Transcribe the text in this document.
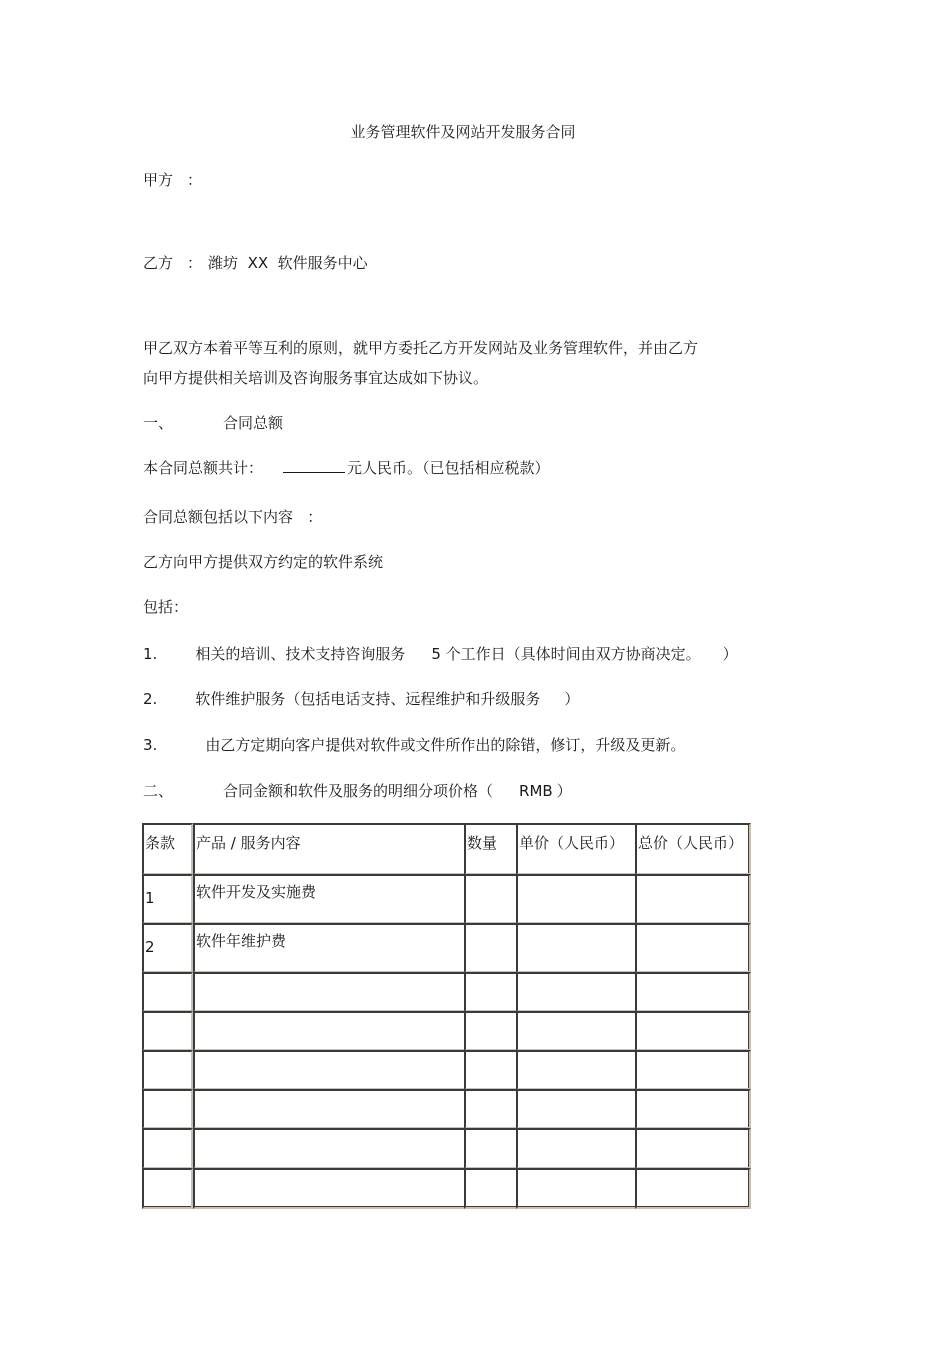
业务管理软件及网站开发服务合同
甲方 ：
乙方 ： 潍坊  XX  软件服务中心
甲乙双方本着平等互利的原则，就甲方委托乙方开发网站及业务管理软件，并由乙方
向甲方提供相关培训及咨询服务事宜达成如下协议。
一、	合同总额
本合同总额共计：	元人民币。（已包括相应税款）
合同总额包括以下内容   ：
乙方向甲方提供双方约定的软件系统
包括：
1.	相关的培训、技术支持咨询服务 5 个工作日（具体时间由双方协商决定。 ）
2.	软件维护服务（包括电话支持、远程维护和升级服务 ）
3.	由乙方定期向客户提供对软件或文件所作出的除错，修订，升级及更新。
二、	合同金额和软件及服务的明细分项价格（ RMB ）
条款	产品 / 服务内容	数量	单价（人民币） 总价（人民币）
1	软件开发及实施费
2	软件年维护费
